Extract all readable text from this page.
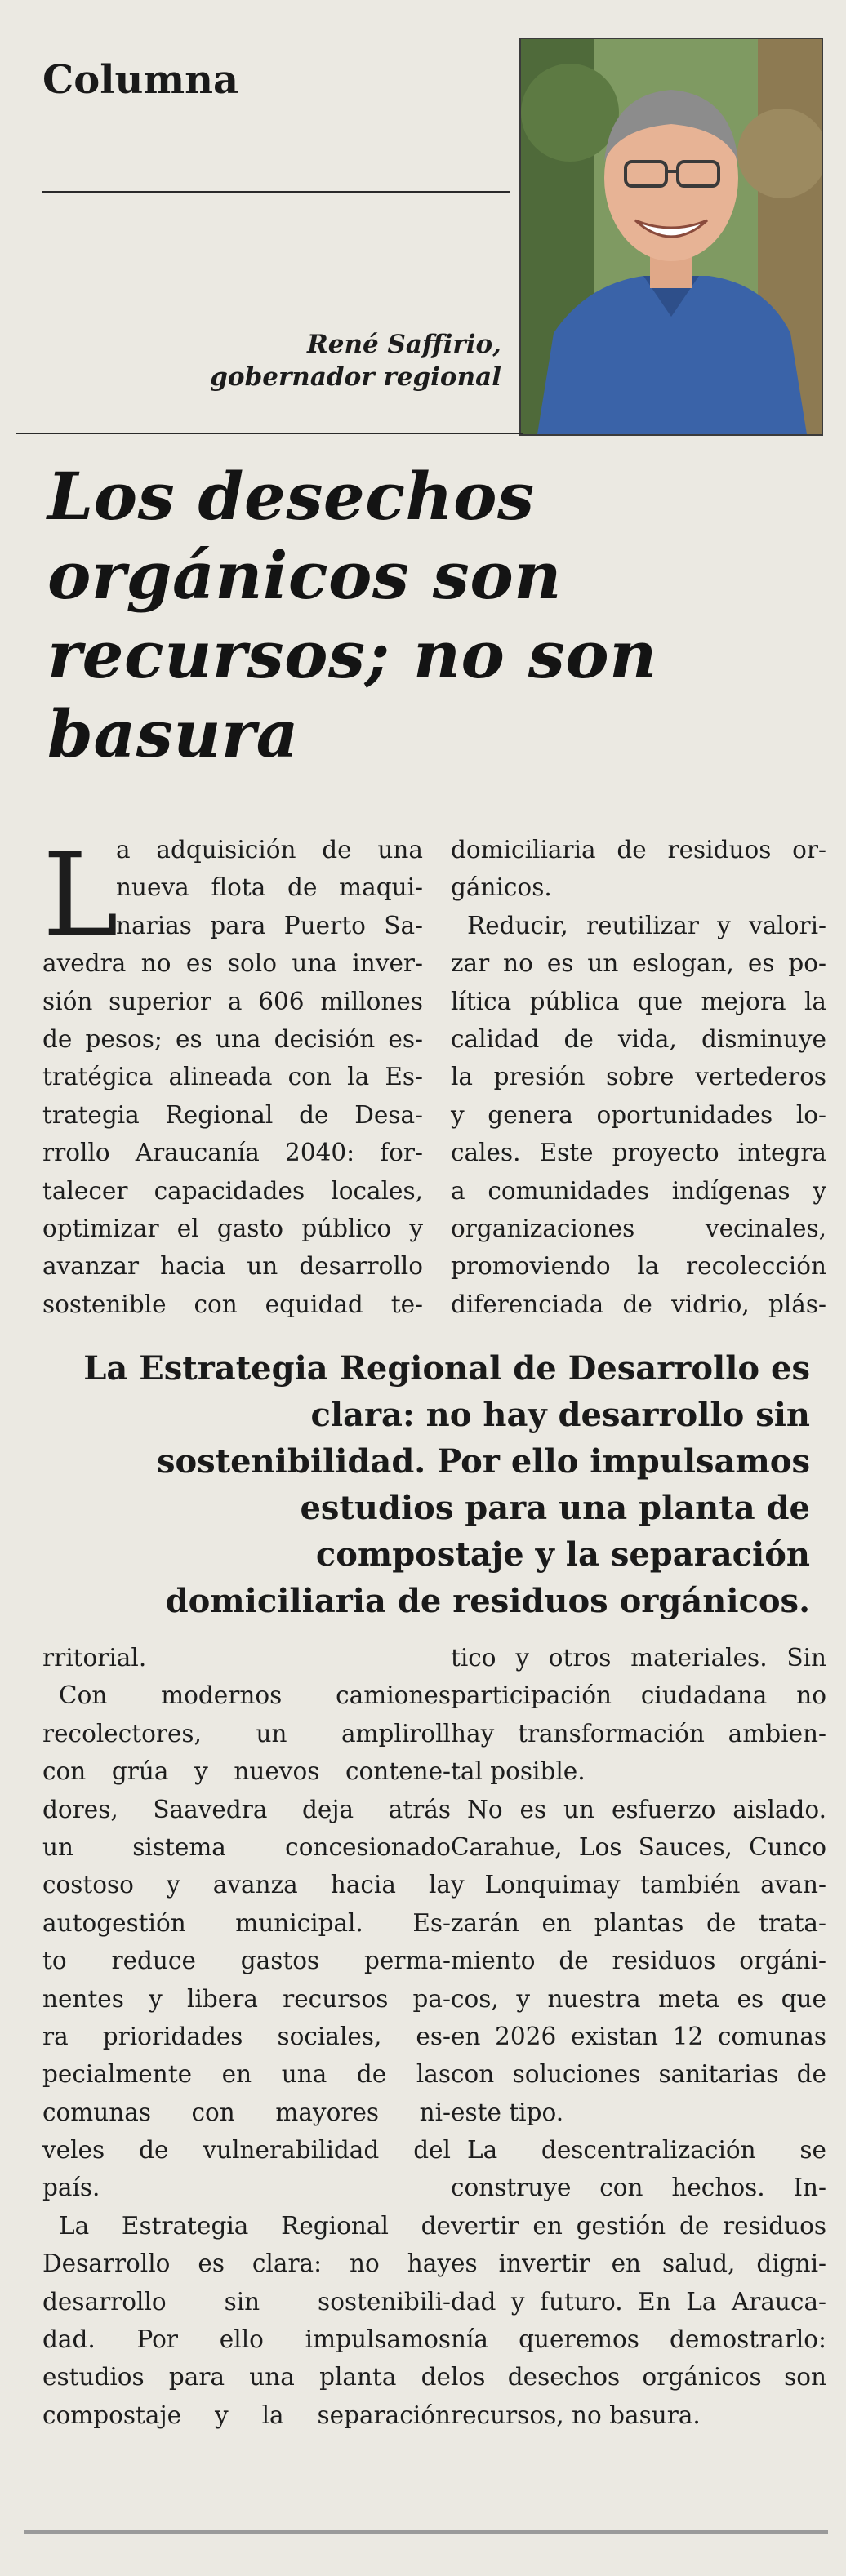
Columna
René Saffirio,
gobernador regional
Los desechos
orgánicos son
recursos; no son
basura
L
a adquisición de una
nueva flota de maqui-
narias para Puerto Sa-
avedra no es solo una inver-
sión superior a 606 millones
de pesos; es una decisión es-
tratégica alineada con la Es-
trategia Regional de Desa-
rrollo Araucanía 2040: for-
talecer capacidades locales,
optimizar el gasto público y
avanzar hacia un desarrollo
sostenible con equidad te-
domiciliaria de residuos or-
gánicos.
Reducir, reutilizar y valori-
zar no es un eslogan, es po-
lítica pública que mejora la
calidad de vida, disminuye
la presión sobre vertederos
y genera oportunidades lo-
cales. Este proyecto integra
a comunidades indígenas y
organizaciones vecinales,
promoviendo la recolección
diferenciada de vidrio, plás-
La Estrategia Regional de Desarrollo es
clara: no hay desarrollo sin
sostenibilidad. Por ello impulsamos
estudios para una planta de
compostaje y la separación
domiciliaria de residuos orgánicos.
rritorial.
Con modernos camiones
recolectores, un ampliroll
con grúa y nuevos contene-
dores, Saavedra deja atrás
un sistema concesionado
costoso y avanza hacia la
autogestión municipal. Es-
to reduce gastos perma-
nentes y libera recursos pa-
ra prioridades sociales, es-
pecialmente en una de las
comunas con mayores ni-
veles de vulnerabilidad del
país.
La Estrategia Regional de
Desarrollo es clara: no hay
desarrollo sin sostenibili-
dad. Por ello impulsamos
estudios para una planta de
compostaje y la separación
tico y otros materiales. Sin
participación ciudadana no
hay transformación ambien-
tal posible.
No es un esfuerzo aislado.
Carahue, Los Sauces, Cunco
y Lonquimay también avan-
zarán en plantas de trata-
miento de residuos orgáni-
cos, y nuestra meta es que
en 2026 existan 12 comunas
con soluciones sanitarias de
este tipo.
La descentralización se
construye con hechos. In-
vertir en gestión de residuos
es invertir en salud, digni-
dad y futuro. En La Arauca-
nía queremos demostrarlo:
los desechos orgánicos son
recursos, no basura.
